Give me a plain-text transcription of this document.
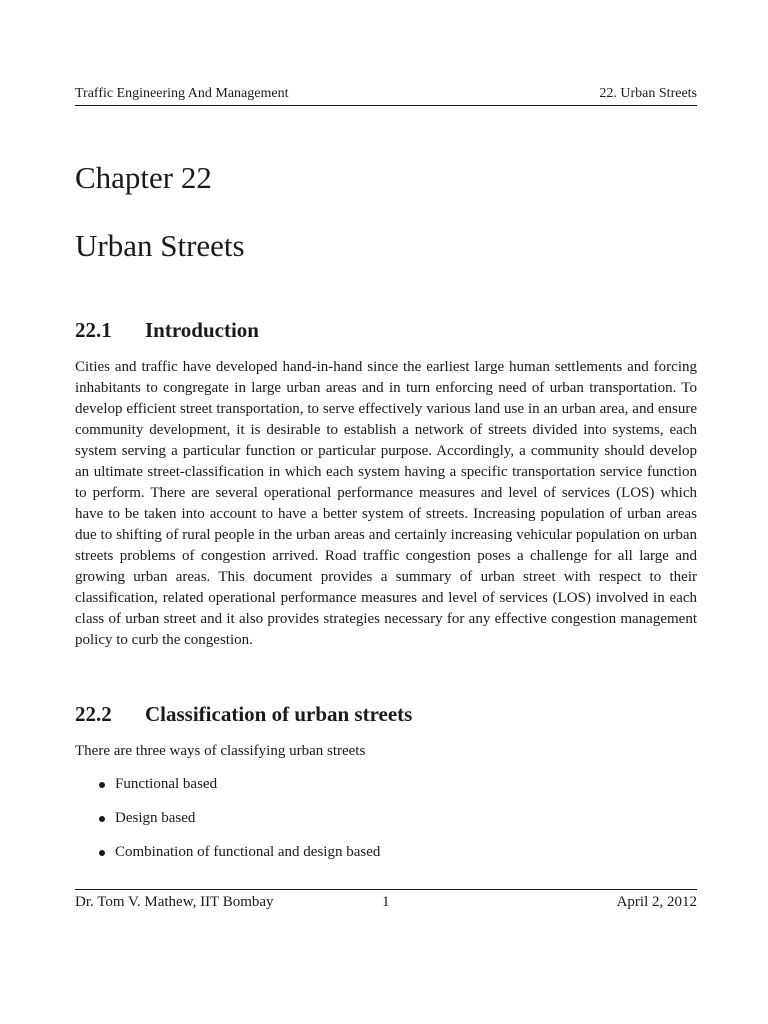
Traffic Engineering And Management	22. Urban Streets
Chapter 22
Urban Streets
22.1	Introduction

Cities and traffic have developed hand-in-hand since the earliest large human settlements and forcing inhabitants to congregate in large urban areas and in turn enforcing need of urban transportation. To develop efficient street transportation, to serve effectively various land use in an urban area, and ensure community development, it is desirable to establish a network of streets divided into systems, each system serving a particular function or particular purpose. Accordingly, a community should develop an ultimate street-classification in which each system having a specific transportation service function to perform. There are several operational performance measures and level of services (LOS) which have to be taken into account to have a better system of streets. Increasing population of urban areas due to shifting of rural people in the urban areas and certainly increasing vehicular population on urban streets problems of congestion arrived. Road traffic congestion poses a challenge for all large and growing urban areas. This document provides a summary of urban street with respect to their classification, related operational performance measures and level of services (LOS) involved in each class of urban street and it also provides strategies necessary for any effective congestion management policy to curb the congestion.

22.2	Classification of urban streets

There are three ways of classifying urban streets

Functional based
Design based
Combination of functional and design based
Dr. Tom V. Mathew, IIT Bombay	1	April 2, 2012
